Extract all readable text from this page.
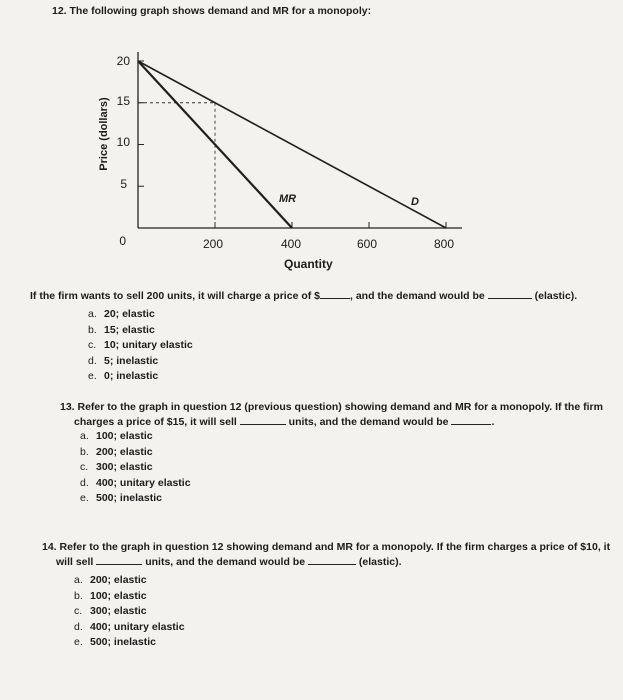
12. The following graph shows demand and MR for a monopoly:
Price (dollars)
20
15
10
5
0	200	400	600	800
Quantity
MR	D
If the firm wants to sell 200 units, it will charge a price of $	, and the demand would be	(elastic).
a. 20; elastic
b. 15; elastic
c. 10; unitary elastic
d. 5; inelastic
e. 0; inelastic
13. Refer to the graph in question 12 (previous question) showing demand and MR for a monopoly. If the firm
charges a price of $15, it will sell	units, and the demand would be	.
a. 100; elastic
b. 200; elastic
c. 300; elastic
d. 400; unitary elastic
e. 500; inelastic
14. Refer to the graph in question 12 showing demand and MR for a monopoly. If the firm charges a price of $10, it
will sell	units, and the demand would be	(elastic).
a. 200; elastic
b. 100; elastic
c. 300; elastic
d. 400; unitary elastic
e. 500; inelastic
